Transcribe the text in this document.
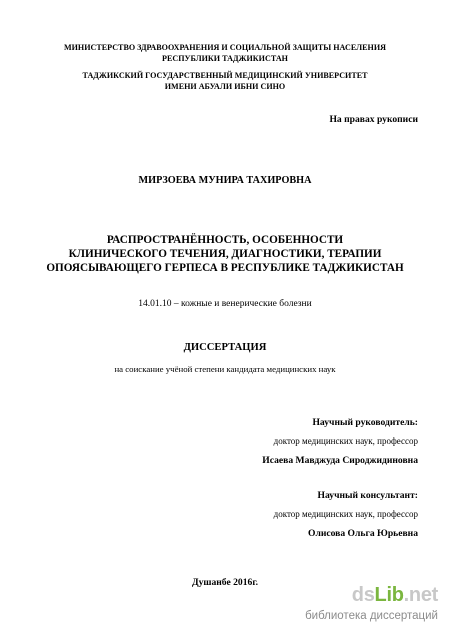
МИНИСТЕРСТВО ЗДРАВООХРАНЕНИЯ И СОЦИАЛЬНОЙ ЗАЩИТЫ НАСЕЛЕНИЯ
РЕСПУБЛИКИ ТАДЖИКИСТАН
ТАДЖИКСКИЙ ГОСУДАРСТВЕННЫЙ МЕДИЦИНСКИЙ УНИВЕРСИТЕТ
ИМЕНИ АБУАЛИ ИБНИ СИНО
На правах рукописи
МИРЗОЕВА МУНИРА ТАХИРОВНА
РАСПРОСТРАНЁННОСТЬ, ОСОБЕННОСТИ
КЛИНИЧЕСКОГО ТЕЧЕНИЯ, ДИАГНОСТИКИ, ТЕРАПИИ
ОПОЯСЫВАЮЩЕГО ГЕРПЕСА В РЕСПУБЛИКЕ ТАДЖИКИСТАН
14.01.10 – кожные и венерические болезни
ДИССЕРТАЦИЯ
на соискание учёной степени кандидата медицинских наук
Научный руководитель:
доктор медицинских наук, профессор
Исаева Мавджуда Сироджидиновна
Научный консультант:
доктор медицинских наук, профессор
Олисова Ольга Юрьевна
Душанбе 2016г.
dsLib.net
библиотека диссертаций
